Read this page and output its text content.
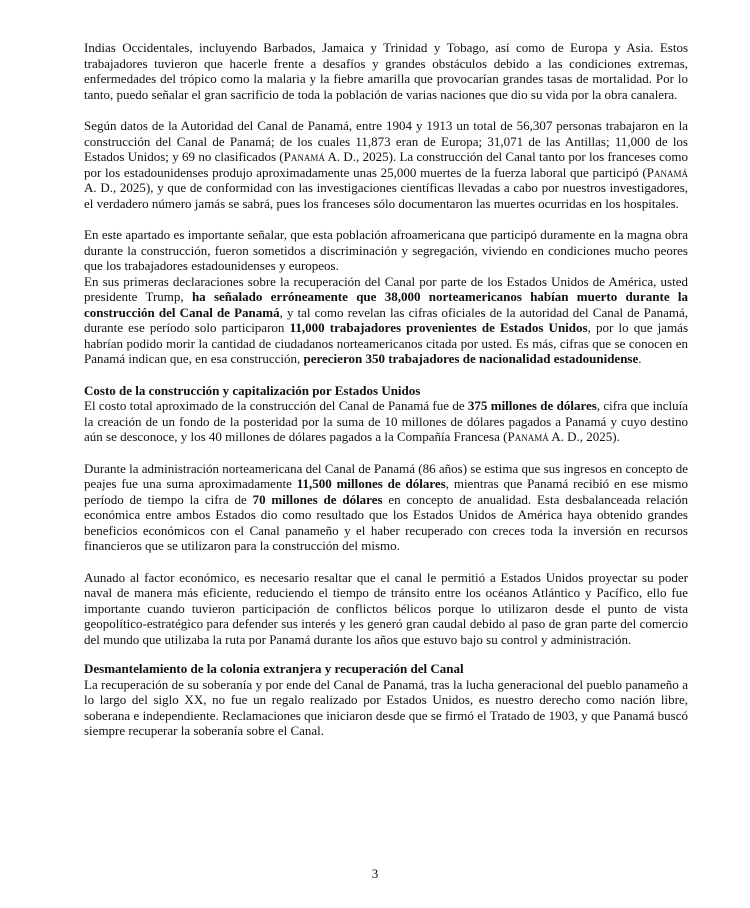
Indias Occidentales, incluyendo Barbados, Jamaica y Trinidad y Tobago, así como de Europa y Asia. Estos trabajadores tuvieron que hacerle frente a desafíos y grandes obstáculos debido a las condiciones extremas, enfermedades del trópico como la malaria y la fiebre amarilla que provocarían grandes tasas de mortalidad. Por lo tanto, puedo señalar el gran sacrificio de toda la población de varias naciones que dio su vida por la obra canalera.

Según datos de la Autoridad del Canal de Panamá, entre 1904 y 1913 un total de 56,307 personas trabajaron en la construcción del Canal de Panamá; de los cuales 11,873 eran de Europa; 31,071 de las Antillas; 11,000 de los Estados Unidos; y 69 no clasificados (Panamá A. D., 2025). La construcción del Canal tanto por los franceses como por los estadounidenses produjo aproximadamente unas 25,000 muertes de la fuerza laboral que participó (Panamá A. D., 2025), y que de conformidad con las investigaciones científicas llevadas a cabo por nuestros investigadores, el verdadero número jamás se sabrá, pues los franceses sólo documentaron las muertes ocurridas en los hospitales.

En este apartado es importante señalar, que esta población afroamericana que participó duramente en la magna obra durante la construcción, fueron sometidos a discriminación y segregación, viviendo en condiciones mucho peores que los trabajadores estadounidenses y europeos.

En sus primeras declaraciones sobre la recuperación del Canal por parte de los Estados Unidos de América, usted presidente Trump, ha señalado erróneamente que 38,000 norteamericanos habían muerto durante la construcción del Canal de Panamá, y tal como revelan las cifras oficiales de la autoridad del Canal de Panamá, durante ese período solo participaron 11,000 trabajadores provenientes de Estados Unidos, por lo que jamás habrían podido morir la cantidad de ciudadanos norteamericanos citada por usted. Es más, cifras que se conocen en Panamá indican que, en esa construcción, perecieron 350 trabajadores de nacionalidad estadounidense.

Costo de la construcción y capitalización por Estados Unidos

El costo total aproximado de la construcción del Canal de Panamá fue de 375 millones de dólares, cifra que incluía la creación de un fondo de la posteridad por la suma de 10 millones de dólares pagados a Panamá y cuyo destino aún se desconoce, y los 40 millones de dólares pagados a la Compañía Francesa (Panamá A. D., 2025).

Durante la administración norteamericana del Canal de Panamá (86 años) se estima que sus ingresos en concepto de peajes fue una suma aproximadamente 11,500 millones de dólares, mientras que Panamá recibió en ese mismo período de tiempo la cifra de 70 millones de dólares en concepto de anualidad. Esta desbalanceada relación económica entre ambos Estados dio como resultado que los Estados Unidos de América haya obtenido grandes beneficios económicos con el Canal panameño y el haber recuperado con creces toda la inversión en recursos financieros que se utilizaron para la construcción del mismo.

Aunado al factor económico, es necesario resaltar que el canal le permitió a Estados Unidos proyectar su poder naval de manera más eficiente, reduciendo el tiempo de tránsito entre los océanos Atlántico y Pacífico, ello fue importante cuando tuvieron participación de conflictos bélicos porque lo utilizaron desde el punto de vista geopolítico-estratégico para defender sus interés y les generó gran caudal debido al paso de gran parte del comercio del mundo que utilizaba la ruta por Panamá durante los años que estuvo bajo su control y administración.

Desmantelamiento de la colonia extranjera y recuperación del Canal

La recuperación de su soberanía y por ende del Canal de Panamá, tras la lucha generacional del pueblo panameño a lo largo del siglo XX, no fue un regalo realizado por Estados Unidos, es nuestro derecho como nación libre, soberana e independiente. Reclamaciones que iniciaron desde que se firmó el Tratado de 1903, y que Panamá buscó siempre recuperar la soberanía sobre el Canal.

3
